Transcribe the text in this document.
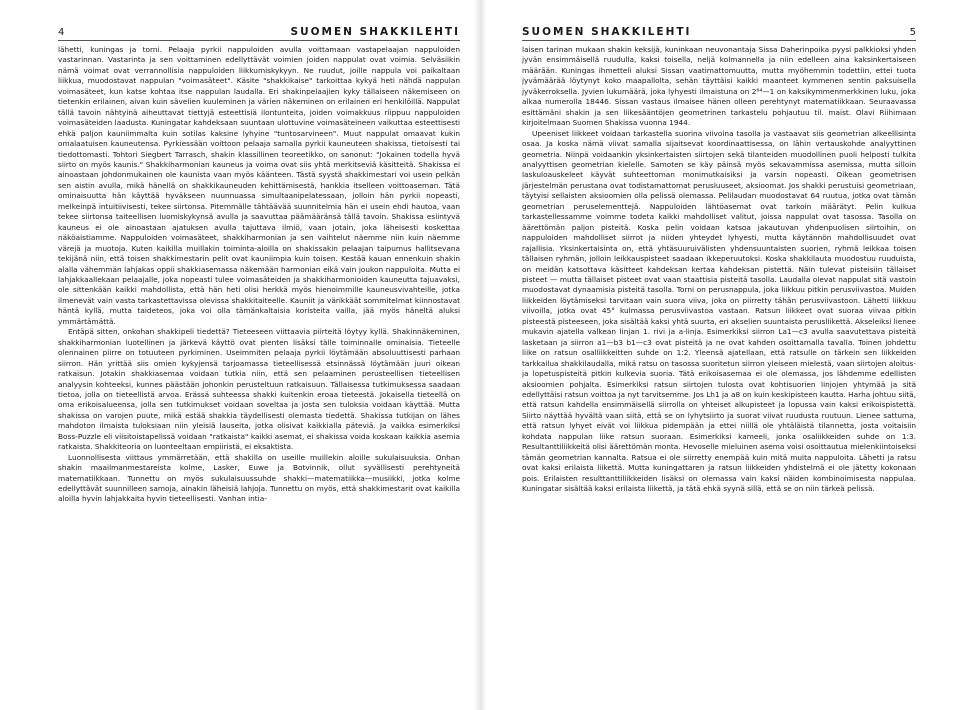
4	SUOMEN SHAKKILEHTI

lähetti, kuningas ja torni. Pelaaja pyrkii nappuloiden avulla voittamaan vastapelaajan nappuloiden vastarinnan. Vastarinta ja sen voittaminen edellyttävät voimien joiden nappulat ovat voimia. Selväsiikin nämä voimat ovat verrannollisia nappuloiden liikkumiskykyyn. Ne ruudut, joille nappula voi paikaltaan liikkua, muodostavat nappulan "voimasäteet". Käsite "shakkikaise" tarkoittaa kykyä heti nähdä nappulan voimasäteet, kun katse kohtaa itse nappulan laudalla. Eri shakinpelaajien kyky tällaiseen näkemiseen on tietenkin erilainen, aivan kuin sävelien kuuleminen ja värien näkeminen on erilainen eri henkilöillä. Nappulat tällä tavoin nähtyinä aiheuttavat tiettyjä esteettisiä ilontunteita, joiden voimakkuus riippuu nappuloiden voimasäteiden laadusta. Kuningatar kahdeksaan suuntaan ulottuvine voimasäteineen vaikuttaa esteettisesti ehkä paljon kauniimmalta kuin sotilas kaksine lyhyine "tuntosarvineen". Muut nappulat omaavat kukin omalaatuisen kauneutensa. Pyrkiessään voittoon pelaaja samalla pyrkii kauneuteen shakissa, tietoisesti tai tiedottomasti. Tohtori Siegbert Tarrasch, shakin klassillinen teoreetikko, on sanonut: "Jokainen todella hyvä siirto on myös kaunis." Shakkiharmonian kauneus ja voima ovat siis yhtä merkitseviä käsitteitä. Shakissa ei ainoastaan johdonmukainen ole kaunista vaan myös käänteen. Tästä syystä shakkimestari voi usein pelkän sen aistin avulla, mikä hänellä on shakkikauneuden kehittämisestä, hankkia itselleen voittoaseman. Tätä ominaisuutta hän käyttää hyväkseen nuunnuassa simultaanipelatessaan, jolloin hän pyrkii nopeasti, melkeinpä intuitiivisesti, tekee siirtonsa. Pitemmälle tähtäävää suunnitelmia hän ei usein ehdi hautoa, vaan tekee siirtonsa taiteellisen luomiskykynsä avulla ja saavuttaa päämääränsä tällä tavoin. Shakissa esiintyvä kauneus ei ole ainoastaan ajatuksen avulla tajuttava ilmiö, vaan jotain, joka läheisesti koskettaa näköaistiamme. Nappuloiden voimasäteet, shakkiharmonian ja sen vaihtelut näemme niin kuin näemme värejä ja muotoja. Kuten kaikilla muillakin toiminta-aloilla on shakissakin pelaajan taipumus hallitsevana tekijänä niin, että toisen shakkimestarin pelit ovat kauniimpia kuin toisen. Kestää kauan ennenkuin shakin alalla vähemmän lahjakas oppii shakkiasemassa näkemään harmonian eikä vain joukon nappuloita. Mutta ei lahjakkaallekaan pelaajalle, joka nopeasti tulee voimasäteiden ja shakkiharmonioiden kauneutta tajuavaksi, ole sittenkään kaikki mahdollista, että hän heti olisi herkkä myös hienoimmille kauneusvivahteille, jotka ilmenevät vain vasta tarkastettavissa olevissa shakkitaiteelle. Kauniit ja värikkäät sommitelmat kiinnostavat häntä kyllä, mutta taideteos, joka voi olla tämänkaltaisia koristeita vailla, jää myös häneltä aluksi ymmärtämättä.

Entäpä sitten, onkohan shakkipeli tiedettä? Tieteeseen viittaavia piirteitä löytyy kyllä. Shakinnäkeminen, shakkiharmonian luotellinen ja järkevä käyttö ovat pienten lisäksi tälle toiminnalle ominaisia. Tieteelle olennainen piirre on totuuteen pyrkiminen. Useimmiten pelaaja pyrkii löytämään absoluuttisesti parhaan siirron. Hän yrittää siis omien kykyjensä tarjoamassa tieteellisessä etsinnässä löytämään juuri oikean ratkaisun. Jotakin shakkiasemaa voidaan tutkia niin, että sen pelaaminen perusteellisen tieteellisen analyysin kohteeksi, kunnes päästään johonkin perusteltuun ratkaisuun. Tällaisessa tutkimuksessa saadaan tietoa, jolla on tieteellistä arvoa. Erässä suhteessa shakki kuitenkin eroaa tieteestä. Jokaisella tieteellä on oma erikoisalueensa, jolla sen tutkimukset voidaan soveltaa ja josta sen tuloksia voidaan käyttää. Mutta shakissa on varojen puute, mikä estää shakkia täydellisesti olemasta tiedettä. Shakissa tutkijan on lähes mahdoton ilmaista tuloksiaan niin yleisiä lauseita, jotka olisivat kaikkialla päteviä. Ja vaikka esimerkiksi Boss-Puzzle eli viisitoistapelissä voidaan "ratkaista" kaikki asemat, ei shakissa voida koskaan kaikkia asemia ratkaista. Shakkiteoria on luonteeltaan empiiristä, ei eksaktista.

Luonnollisesta viittaus ymmärretään, että shakilla on useille muillekin aloille sukulaisuuksia. Onhan shakin maailmanmestareista kolme, Lasker, Euwe ja Botvinnik, ollut syvällisesti perehtyneitä matematiikkaan. Tunnettu on myös sukulaisuussuhde shakki—matematiikka—musiikki, jotka kolme edellyttävät suunnilleen samoja, ainakin läheisiä lahjoja. Tunnettu on myös, että shakkimestarit ovat kaikilla aloilla hyvin lahjakkaita hyvin tieteellisesti. Vanhan intia-

SUOMEN SHAKKILEHTI	5

laisen tarinan mukaan shakin keksijä, kuninkaan neuvonantaja Sissa Daherinpoika pyysi palkkioksi yhden jyvän ensimmäisellä ruudulla, kaksi toisella, neljä kolmannella ja niin edelleen aina kaksinkertaiseen määrään. Kuningas ihmetteli aluksi Sissan vaatimattomuutta, mutta myöhemmin todettiin, ettei tuota jyvämäärää löytynyt koko maapallolta, sehän täyttäisi kaikki maanteet kymmenen sentin paksuisella jyväkerroksella. Jyvien lukumäärä, joka lyhyesti ilmaistuna on 2⁶⁴—1 on kaksikymmenmerkkinen luku, joka alkaa numerolla 18446. Sissan vastaus ilmaisee hänen olleen perehtynyt matematiikkaan. Seuraavassa esittämäni shakin ja sen liikesääntöjen geometrinen tarkastelu pohjautuu til. maist. Olavi Riihimaan kirjoitelmaan Suomen Shakissa vuonna 1944.

Upeeniset liikkeet voidaan tarkastella suorina viivoina tasolla ja vastaavat siis geometrian alkeellisinta osaa. Ja koska nämä viivat samalla sijaitsevat koordinaattisessa, on lähin vertauskohde analyyttinen geometria. Niinpä voidaankin yksinkertaisten siirtojen sekä tilanteiden muodollinen puoli helposti tulkita analyyttisen geometrian kielelle. Samoten se käy päinsä myös sekavammissa asemissa, mutta silloin laskuloauskeleet käyvät suhteettoman monimutkaisiksi ja varsin nopeasti. Oikean geometrisen järjestelmän perustana ovat todistamattomat perusluuseet, aksioomat. Jos shakki perustuisi geometriaan, täytyisi sellaisten aksioomien olla pelissä olemassa. Pelilaudan muodostavat 64 ruutua, jotka ovat tämän geometrian peruselementtejä. Nappuloiden lähtöasemat ovat tarkoin määrätyt. Pelin kulkua tarkastellessamme voimme todeta kaikki mahdolliset valitut, joissa nappulat ovat tasossa. Tasolla on äärettömän paljon pisteitä. Koska pelin voidaan katsoa jakautuvan yhdenpuolisen siirtoihin, on nappuloiden mahdolliset siirrot ja niiden yhteydet lyhyesti, mutta käytännön mahdollisuudet ovat rajallisia. Yksinkertaisinta on, että yhtäsuuruivälisten yhdensuuntaisten suorien, ryhmä leikkaa toisen tällaisen ryhmän, jolloin leikkauspisteet saadaan ikkeperuutoksi. Koska shakkilauta muodostuu ruuduista, on meidän katsottava käsitteet kahdeksan kertaa kahdeksan pistettä. Näin tulevat pisteisiin tällaiset pisteet — mutta tällaiset pisteet ovat vaan staattisia pisteitä tasolla. Laudalla olevat nappulat sitä vastoin muodostavat dynaamisia pisteitä tasolla. Torni on perusnappula, joka liikkuu pitkin perusviivastoa. Muiden liikkeiden löytämiseksi tarvitaan vain suora viiva, joka on piirretty tähän perusviivastoon. Lähetti liikkuu viivoilla, jotka ovat 45° kulmassa perusviivastoa vastaan. Ratsun liikkeet ovat suoraa viivaa pitkin pisteestä pisteeseen, joka sisältää kaksi yhtä suurta, eri akselien suuntaista perusliikettä. Akseleiksi lienee mukavin ajatella valkean linjan 1. rivi ja a-linja. Esimerkiksi siirron La1—c3 avulla saavutettava pisteitä lasketaan ja siirron a1—b3 b1—c3 ovat pisteitä ja ne ovat kahden osoittamalla tavalla. Toinen johdettu liike on ratsun osalliikkeitten suhde on 1:2. Yleensä ajatellaan, että ratsulle on tärkein sen liikkeiden tarkkailua shakkilaudalla, mikä ratsu on tasossa suoritetun siirron yleiseen mielestä, vaan siirtojen aloitus- ja lopetuspisteitä pitkin kulkevia suoria. Tätä erikoisasemaa ei ole olemassa, jos lähdemme edellisten aksioomien pohjalta. Esimerkiksi ratsun siirtojen tulosta ovat kohtisuorien linjojen yhtymää ja sitä edellyttäisi ratsun voittoa ja nyt tarvitsemme. Jos Lh1 ja a8 on kuin keskipisteen kautta. Harha johtuu siitä, että ratsun kahdella ensimmäisellä siirrolla on yhteiset alkupisteet ja lopussa vain kaksi erikoispistettä. Siirto näyttää hyvältä vaan siitä, että se on lyhytsiirto ja suorat viivat ruudusta ruutuun. Lienee sattuma, että ratsun lyhyet eivät voi liikkua pidempään ja ettei niillä ole yhtäläistä tilannetta, josta voitaisiin kohdata nappulan liike ratsun suoraan. Esimerkiksi kameeli, jonka osaliikkeiden suhde on 1:3. Resultanttiliikkeitä olisi äärettömän monta. Hevoselle mieluinen asema voisi osoittautua mielenkiintoiseksi tämän geometrian kannalta. Ratsua ei ole siirretty enempää kuin mitä muita nappuloita. Lähetti ja ratsu ovat kaksi erilaista liikettä. Mutta kuningattaren ja ratsun liikkeiden yhdistelmä ei ole jätetty kokonaan pois. Erilaisten resulttanttiliikkeiden lisäksi on olemassa vain kaksi näiden kombinoimisesta nappulaa. Kuningatar sisältää kaksi erilaista liikettä, ja tätä ehkä syynä sillä, että se on niin tärkeä pelissä.
